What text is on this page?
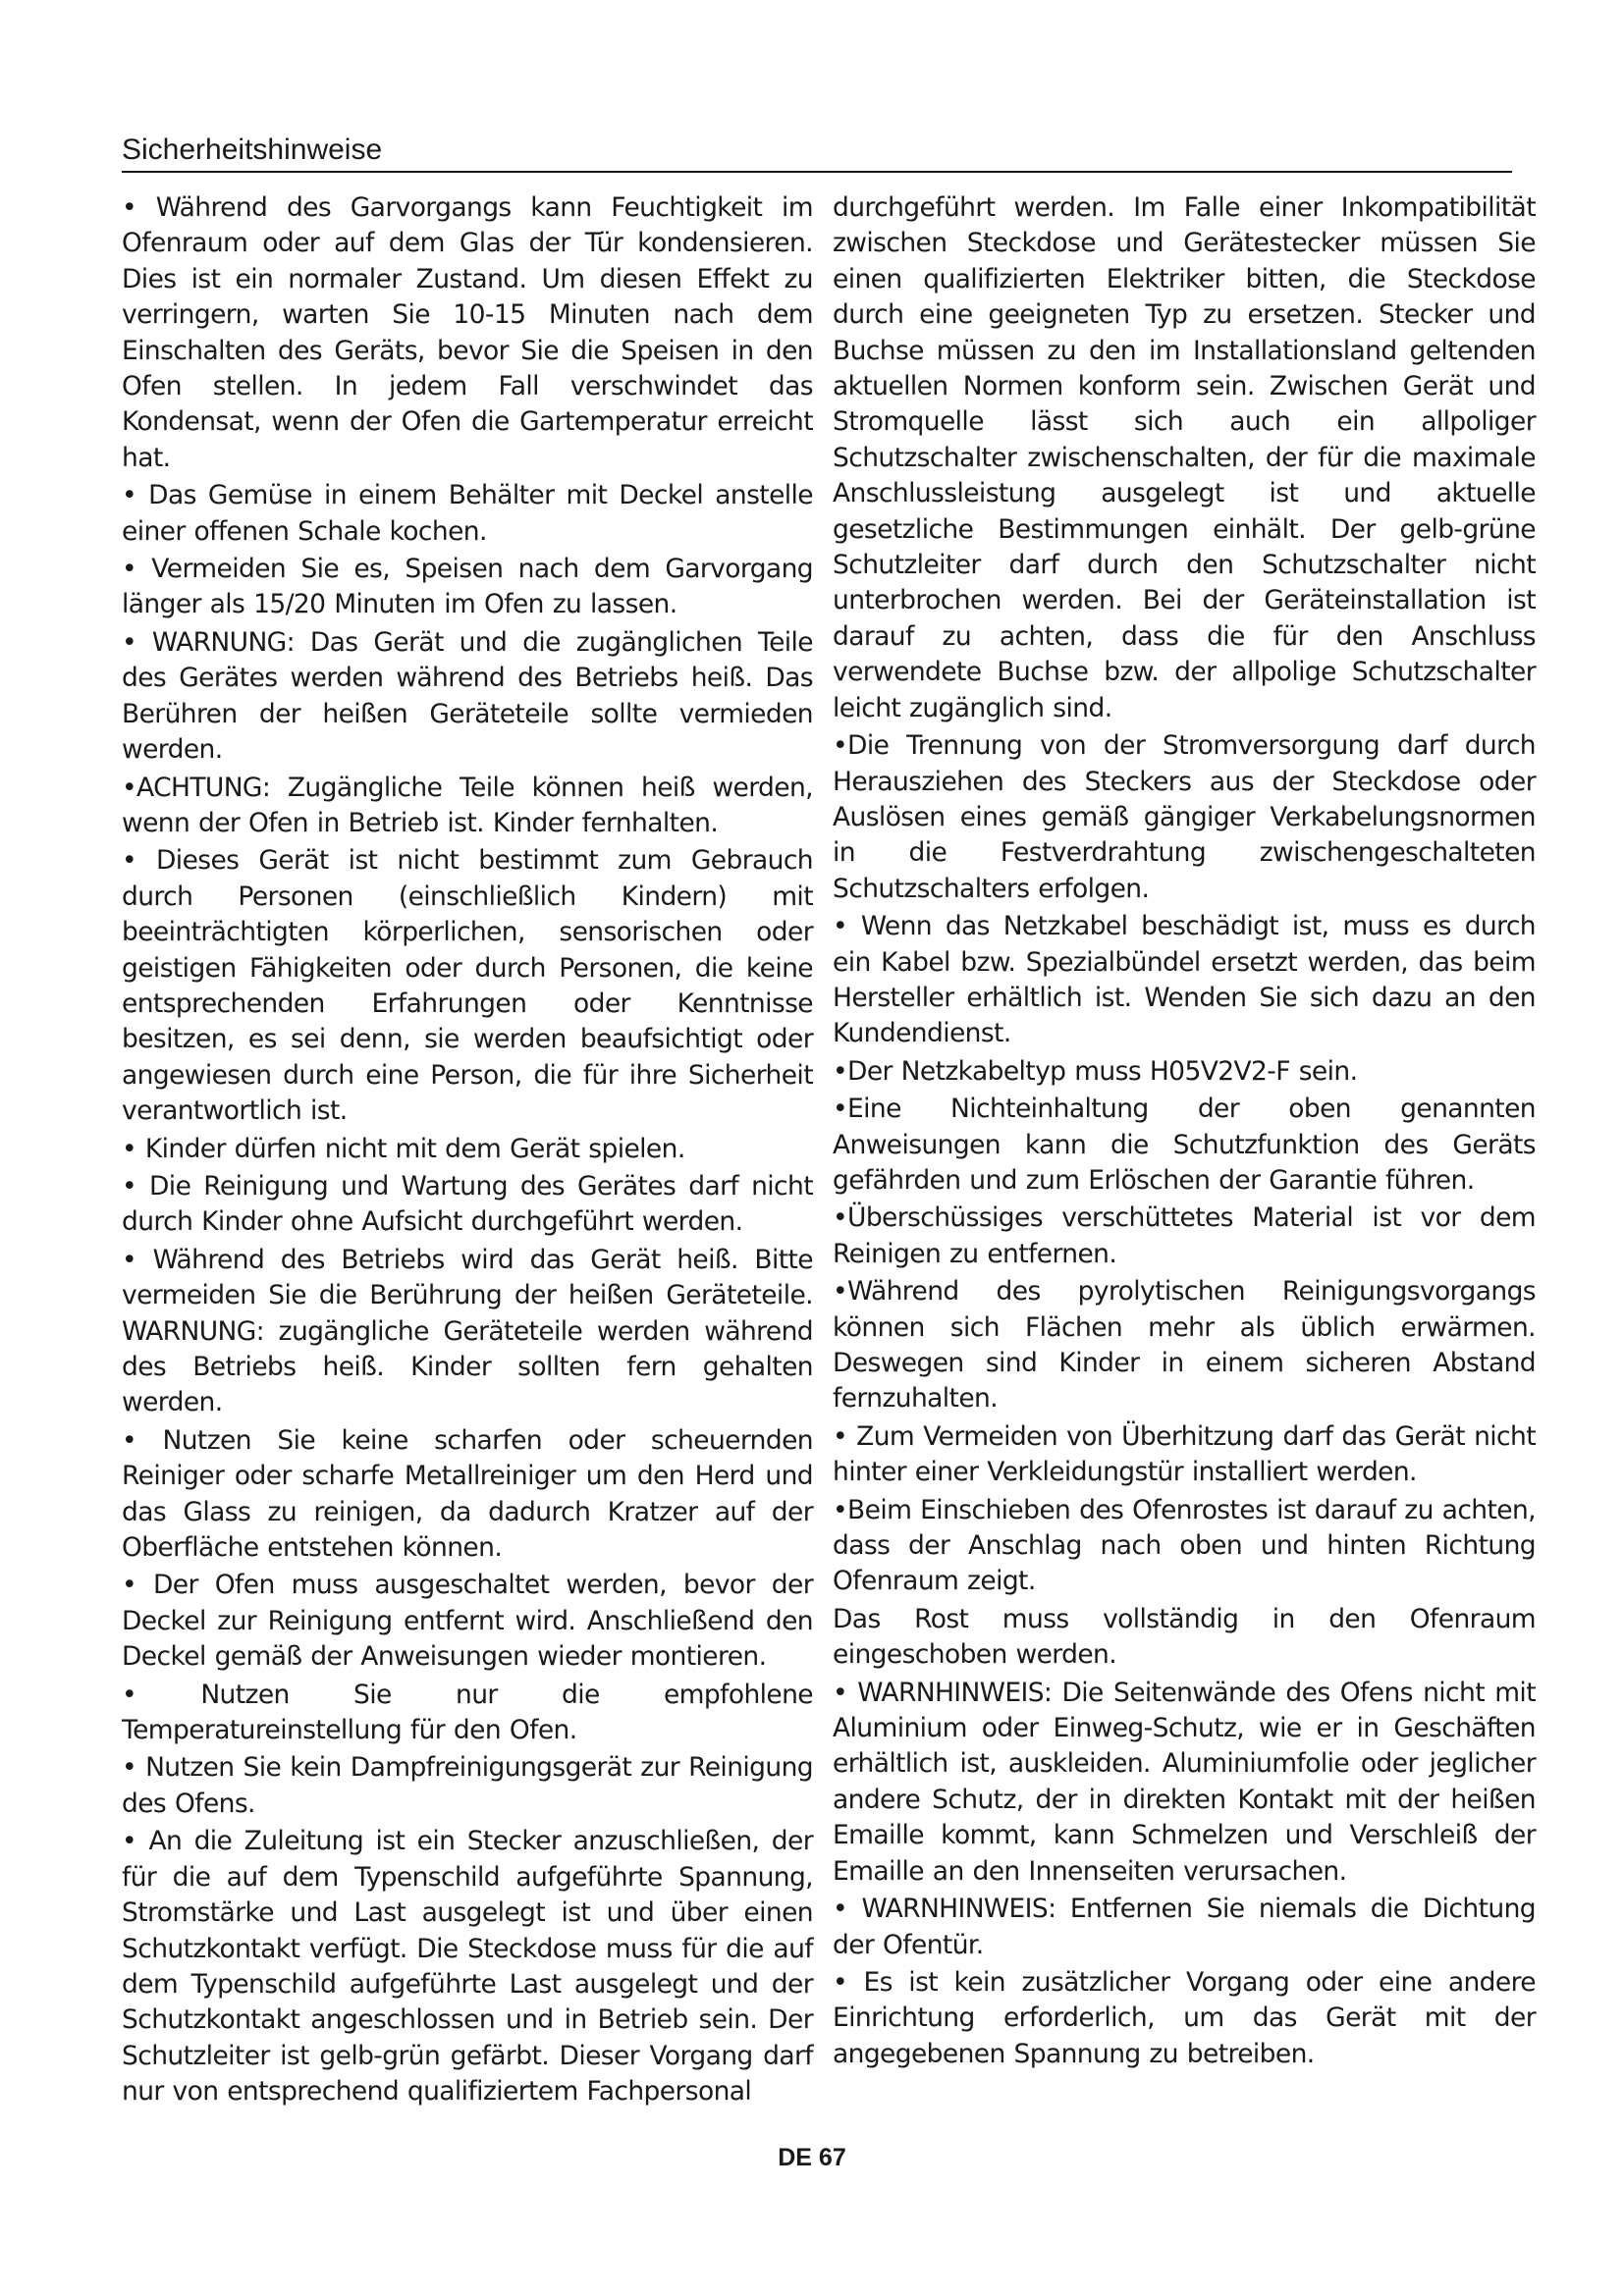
Sicherheitshinweise

• Während des Garvorgangs kann Feuchtigkeit im Ofenraum oder auf dem Glas der Tür kondensieren. Dies ist ein normaler Zustand. Um diesen Effekt zu verringern, warten Sie 10-15 Minuten nach dem Einschalten des Geräts, bevor Sie die Speisen in den Ofen stellen. In jedem Fall verschwindet das Kondensat, wenn der Ofen die Gartemperatur erreicht hat.

• Das Gemüse in einem Behälter mit Deckel anstelle einer offenen Schale kochen.

• Vermeiden Sie es, Speisen nach dem Garvorgang länger als 15/20 Minuten im Ofen zu lassen.

• WARNUNG: Das Gerät und die zugänglichen Teile des Gerätes werden während des Betriebs heiß. Das Berühren der heißen Geräteteile sollte vermieden werden.

•ACHTUNG: Zugängliche Teile können heiß werden, wenn der Ofen in Betrieb ist. Kinder fernhalten.

• Dieses Gerät ist nicht bestimmt zum Gebrauch durch Personen (einschließlich Kindern) mit beeinträchtigten körperlichen, sensorischen oder geistigen Fähigkeiten oder durch Personen, die keine entsprechenden Erfahrungen oder Kenntnisse besitzen, es sei denn, sie werden beaufsichtigt oder angewiesen durch eine Person, die für ihre Sicherheit verantwortlich ist.

• Kinder dürfen nicht mit dem Gerät spielen.

• Die Reinigung und Wartung des Gerätes darf nicht durch Kinder ohne Aufsicht durchgeführt werden.

• Während des Betriebs wird das Gerät heiß. Bitte vermeiden Sie die Berührung der heißen Geräteteile. WARNUNG: zugängliche Geräteteile werden während des Betriebs heiß. Kinder sollten fern gehalten werden.

• Nutzen Sie keine scharfen oder scheuernden Reiniger oder scharfe Metallreiniger um den Herd und das Glass zu reinigen, da dadurch Kratzer auf der Oberfläche entstehen können.

• Der Ofen muss ausgeschaltet werden, bevor der Deckel zur Reinigung entfernt wird. Anschließend den Deckel gemäß der Anweisungen wieder montieren.

• Nutzen Sie nur die empfohlene Temperatureinstellung für den Ofen.

• Nutzen Sie kein Dampfreinigungsgerät zur Reinigung des Ofens.

• An die Zuleitung ist ein Stecker anzuschließen, der für die auf dem Typenschild aufgeführte Spannung, Stromstärke und Last ausgelegt ist und über einen Schutzkontakt verfügt. Die Steckdose muss für die auf dem Typenschild aufgeführte Last ausgelegt und der Schutzkontakt angeschlossen und in Betrieb sein. Der Schutzleiter ist gelb-grün gefärbt. Dieser Vorgang darf nur von entsprechend qualifiziertem Fachpersonal

durchgeführt werden. Im Falle einer Inkompatibilität zwischen Steckdose und Gerätestecker müssen Sie einen qualifizierten Elektriker bitten, die Steckdose durch eine geeigneten Typ zu ersetzen. Stecker und Buchse müssen zu den im Installationsland geltenden aktuellen Normen konform sein. Zwischen Gerät und Stromquelle lässt sich auch ein allpoliger Schutzschalter zwischenschalten, der für die maximale Anschlussleistung ausgelegt ist und aktuelle gesetzliche Bestimmungen einhält. Der gelb-grüne Schutzleiter darf durch den Schutzschalter nicht unterbrochen werden. Bei der Geräteinstallation ist darauf zu achten, dass die für den Anschluss verwendete Buchse bzw. der allpolige Schutzschalter leicht zugänglich sind.

•Die Trennung von der Stromversorgung darf durch Herausziehen des Steckers aus der Steckdose oder Auslösen eines gemäß gängiger Verkabelungsnormen in die Festverdrahtung zwischengeschalteten Schutzschalters erfolgen.

• Wenn das Netzkabel beschädigt ist, muss es durch ein Kabel bzw. Spezialbündel ersetzt werden, das beim Hersteller erhältlich ist. Wenden Sie sich dazu an den Kundendienst.

•Der Netzkabeltyp muss H05V2V2-F sein.

•Eine Nichteinhaltung der oben genannten Anweisungen kann die Schutzfunktion des Geräts gefährden und zum Erlöschen der Garantie führen.

•Überschüssiges verschüttetes Material ist vor dem Reinigen zu entfernen.

•Während des pyrolytischen Reinigungsvorgangs können sich Flächen mehr als üblich erwärmen. Deswegen sind Kinder in einem sicheren Abstand fernzuhalten.

• Zum Vermeiden von Überhitzung darf das Gerät nicht hinter einer Verkleidungstür installiert werden.

•Beim Einschieben des Ofenrostes ist darauf zu achten, dass der Anschlag nach oben und hinten Richtung Ofenraum zeigt.

Das Rost muss vollständig in den Ofenraum eingeschoben werden.

• WARNHINWEIS: Die Seitenwände des Ofens nicht mit Aluminium oder Einweg-Schutz, wie er in Geschäften erhältlich ist, auskleiden. Aluminiumfolie oder jeglicher andere Schutz, der in direkten Kontakt mit der heißen Emaille kommt, kann Schmelzen und Verschleiß der Emaille an den Innenseiten verursachen.

• WARNHINWEIS: Entfernen Sie niemals die Dichtung der Ofentür.

• Es ist kein zusätzlicher Vorgang oder eine andere Einrichtung erforderlich, um das Gerät mit der angegebenen Spannung zu betreiben.

DE 67
